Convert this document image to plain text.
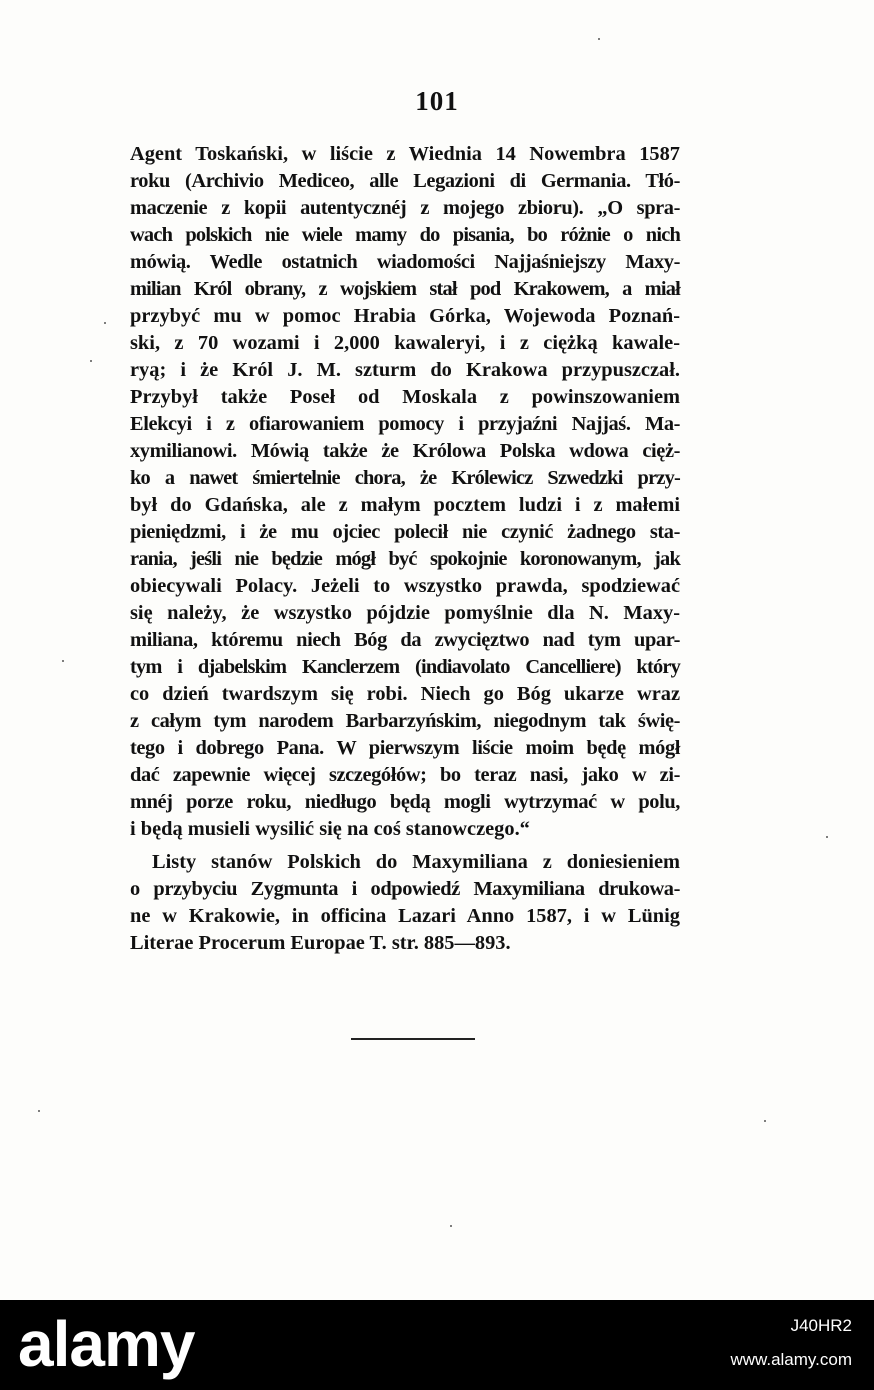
101
Agent Toskański, w liście z Wiednia 14 Nowembra 1587
roku (Archivio Mediceo, alle Legazioni di Germania. Tłó-
maczenie z kopii autentycznéj z mojego zbioru). „O spra-
wach polskich nie wiele mamy do pisania, bo różnie o nich
mówią. Wedle ostatnich wiadomości Najjaśniejszy Maxy-
milian Król obrany, z wojskiem stał pod Krakowem, a miał
przybyć mu w pomoc Hrabia Górka, Wojewoda Poznań-
ski, z 70 wozami i 2,000 kawaleryi, i z ciężką kawale-
ryą; i że Król J. M. szturm do Krakowa przypuszczał.
Przybył także Poseł od Moskala z powinszowaniem
Elekcyi i z ofiarowaniem pomocy i przyjaźni Najjaś. Ma-
xymilianowi. Mówią także że Królowa Polska wdowa cięż-
ko a nawet śmiertelnie chora, że Królewicz Szwedzki przy-
był do Gdańska, ale z małym pocztem ludzi i z małemi
pieniędzmi, i że mu ojciec polecił nie czynić żadnego sta-
rania, jeśli nie będzie mógł być spokojnie koronowanym, jak
obiecywali Polacy. Jeżeli to wszystko prawda, spodziewać
się należy, że wszystko pójdzie pomyślnie dla N. Maxy-
miliana, któremu niech Bóg da zwycięztwo nad tym upar-
tym i djabelskim Kanclerzem (indiavolato Cancelliere) który
co dzień twardszym się robi. Niech go Bóg ukarze wraz
z całym tym narodem Barbarzyńskim, niegodnym tak świę-
tego i dobrego Pana. W pierwszym liście moim będę mógł
dać zapewnie więcej szczegółów; bo teraz nasi, jako w zi-
mnéj porze roku, niedługo będą mogli wytrzymać w polu,
i będą musieli wysilić się na coś stanowczego.“
Listy stanów Polskich do Maxymiliana z doniesieniem
o przybyciu Zygmunta i odpowiedź Maxymiliana drukowa-
ne w Krakowie, in officina Lazari Anno 1587, i w Lünig
Literae Procerum Europae T. str. 885—893.
alamy	J40HR2
www.alamy.com
